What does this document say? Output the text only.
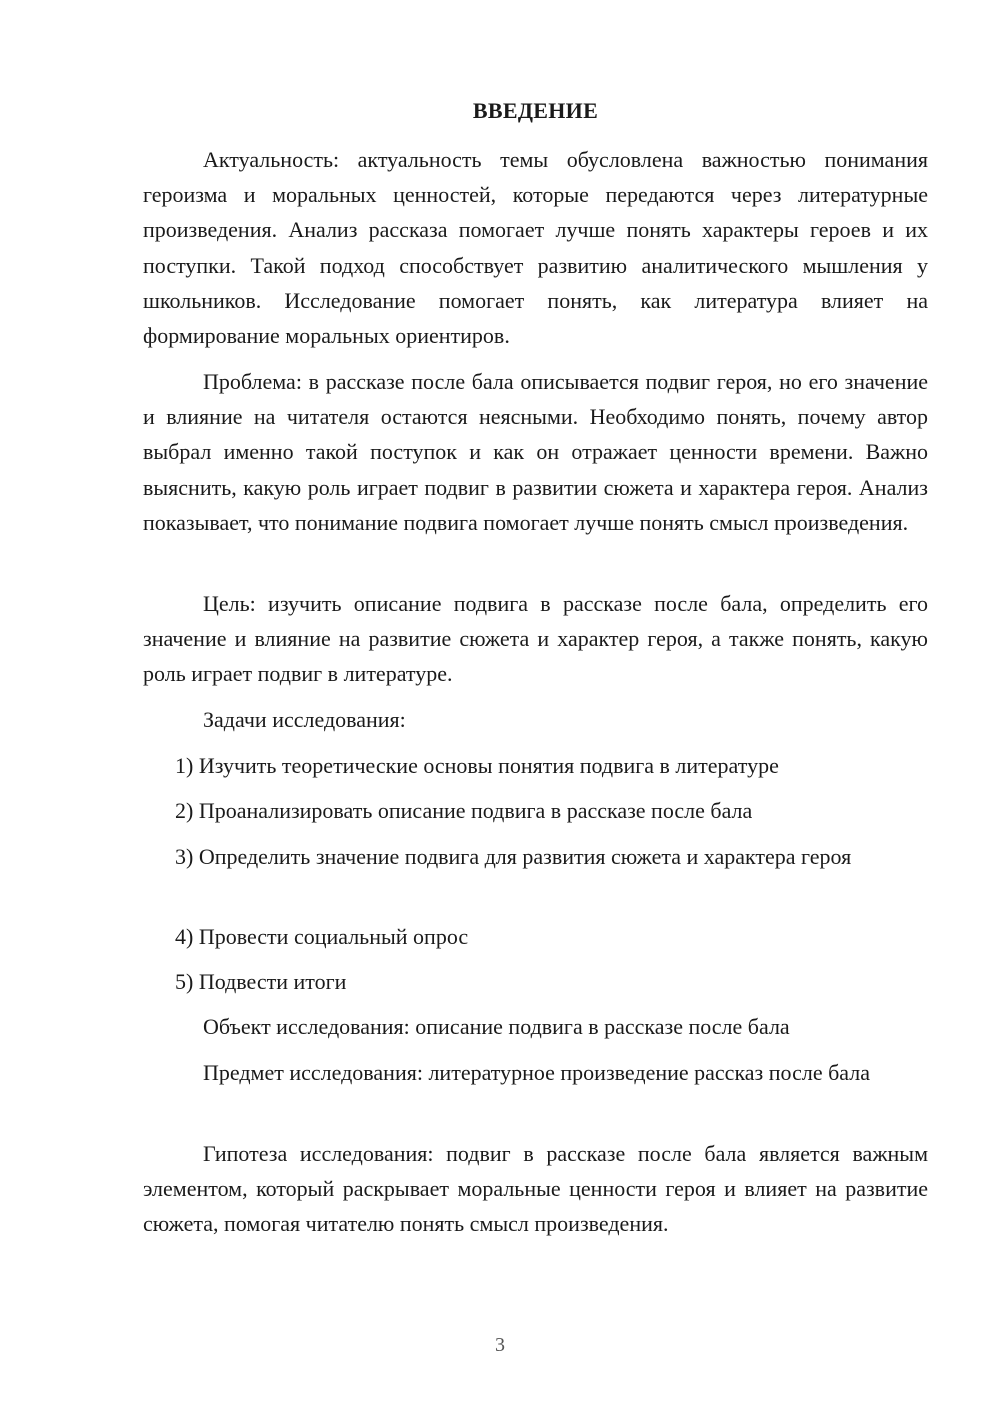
ВВЕДЕНИЕ

Актуальность: актуальность темы обусловлена важностью понимания героизма и моральных ценностей, которые передаются через литературные произведения. Анализ рассказа помогает лучше понять характеры героев и их поступки. Такой подход способствует развитию аналитического мышления у школьников. Исследование помогает понять, как литература влияет на формирование моральных ориентиров.

Проблема: в рассказе после бала описывается подвиг героя, но его значение и влияние на читателя остаются неясными. Необходимо понять, почему автор выбрал именно такой поступок и как он отражает ценности времени. Важно выяснить, какую роль играет подвиг в развитии сюжета и характера героя. Анализ показывает, что понимание подвига помогает лучше понять смысл произведения.

Цель: изучить описание подвига в рассказе после бала, определить его значение и влияние на развитие сюжета и характер героя, а также понять, какую роль играет подвиг в литературе.

Задачи исследования:

1) Изучить теоретические основы понятия подвига в литературе

2) Проанализировать описание подвига в рассказе после бала

3) Определить значение подвига для развития сюжета и характера героя

4) Провести социальный опрос

5) Подвести итоги

Объект исследования: описание подвига в рассказе после бала

Предмет исследования: литературное произведение рассказ после бала

Гипотеза исследования: подвиг в рассказе после бала является важным элементом, который раскрывает моральные ценности героя и влияет на развитие сюжета, помогая читателю понять смысл произведения.

3
